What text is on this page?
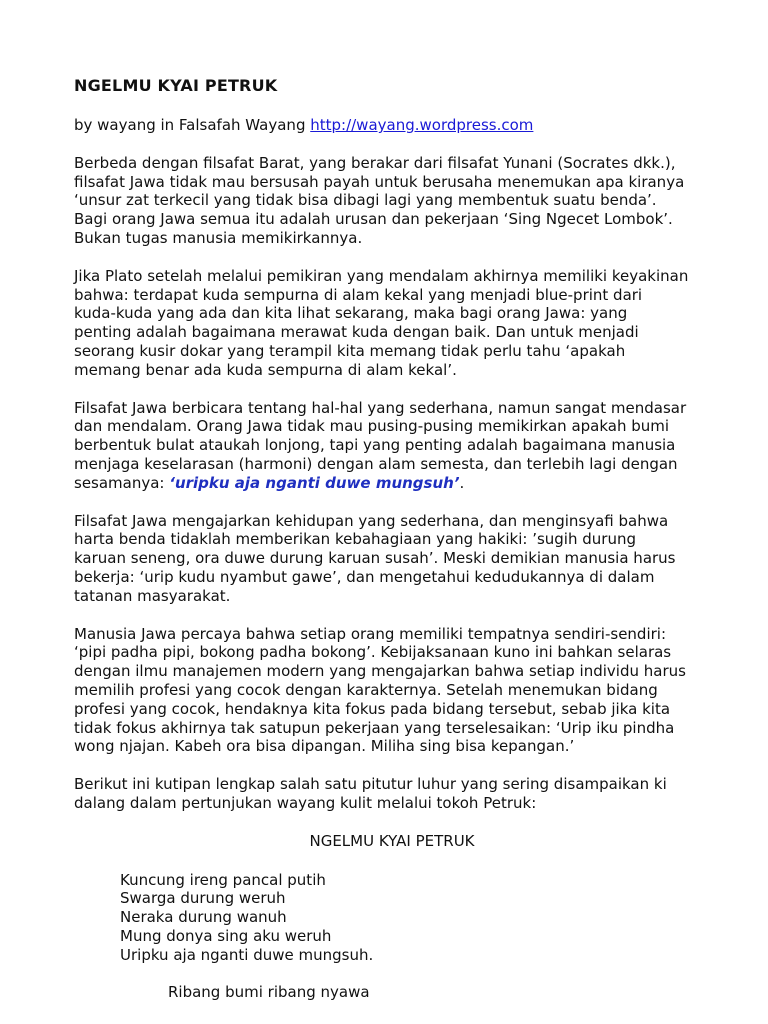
NGELMU KYAI PETRUK

by wayang in Falsafah Wayang http://wayang.wordpress.com

Berbeda dengan filsafat Barat, yang berakar dari filsafat Yunani (Socrates dkk.),
filsafat Jawa tidak mau bersusah payah untuk berusaha menemukan apa kiranya
‘unsur zat terkecil yang tidak bisa dibagi lagi yang membentuk suatu benda’.
Bagi orang Jawa semua itu adalah urusan dan pekerjaan ‘Sing Ngecet Lombok’.
Bukan tugas manusia memikirkannya.

Jika Plato setelah melalui pemikiran yang mendalam akhirnya memiliki keyakinan
bahwa: terdapat kuda sempurna di alam kekal yang menjadi blue-print dari
kuda-kuda yang ada dan kita lihat sekarang, maka bagi orang Jawa: yang
penting adalah bagaimana merawat kuda dengan baik. Dan untuk menjadi
seorang kusir dokar yang terampil kita memang tidak perlu tahu ‘apakah
memang benar ada kuda sempurna di alam kekal’.

Filsafat Jawa berbicara tentang hal-hal yang sederhana, namun sangat mendasar
dan mendalam. Orang Jawa tidak mau pusing-pusing memikirkan apakah bumi
berbentuk bulat ataukah lonjong, tapi yang penting adalah bagaimana manusia
menjaga keselarasan (harmoni) dengan alam semesta, dan terlebih lagi dengan
sesamanya: ‘uripku aja nganti duwe mungsuh’.

Filsafat Jawa mengajarkan kehidupan yang sederhana, dan menginsyafi bahwa
harta benda tidaklah memberikan kebahagiaan yang hakiki: ’sugih durung
karuan seneng, ora duwe durung karuan susah’. Meski demikian manusia harus
bekerja: ‘urip kudu nyambut gawe’, dan mengetahui kedudukannya di dalam
tatanan masyarakat.

Manusia Jawa percaya bahwa setiap orang memiliki tempatnya sendiri-sendiri:
‘pipi padha pipi, bokong padha bokong’. Kebijaksanaan kuno ini bahkan selaras
dengan ilmu manajemen modern yang mengajarkan bahwa setiap individu harus
memilih profesi yang cocok dengan karakternya. Setelah menemukan bidang
profesi yang cocok, hendaknya kita fokus pada bidang tersebut, sebab jika kita
tidak fokus akhirnya tak satupun pekerjaan yang terselesaikan: ‘Urip iku pindha
wong njajan. Kabeh ora bisa dipangan. Miliha sing bisa kepangan.’

Berikut ini kutipan lengkap salah satu pitutur luhur yang sering disampaikan ki
dalang dalam pertunjukan wayang kulit melalui tokoh Petruk:

NGELMU KYAI PETRUK

Kuncung ireng pancal putih
Swarga durung weruh
Neraka durung wanuh
Mung donya sing aku weruh
Uripku aja nganti duwe mungsuh.

Ribang bumi ribang nyawa
